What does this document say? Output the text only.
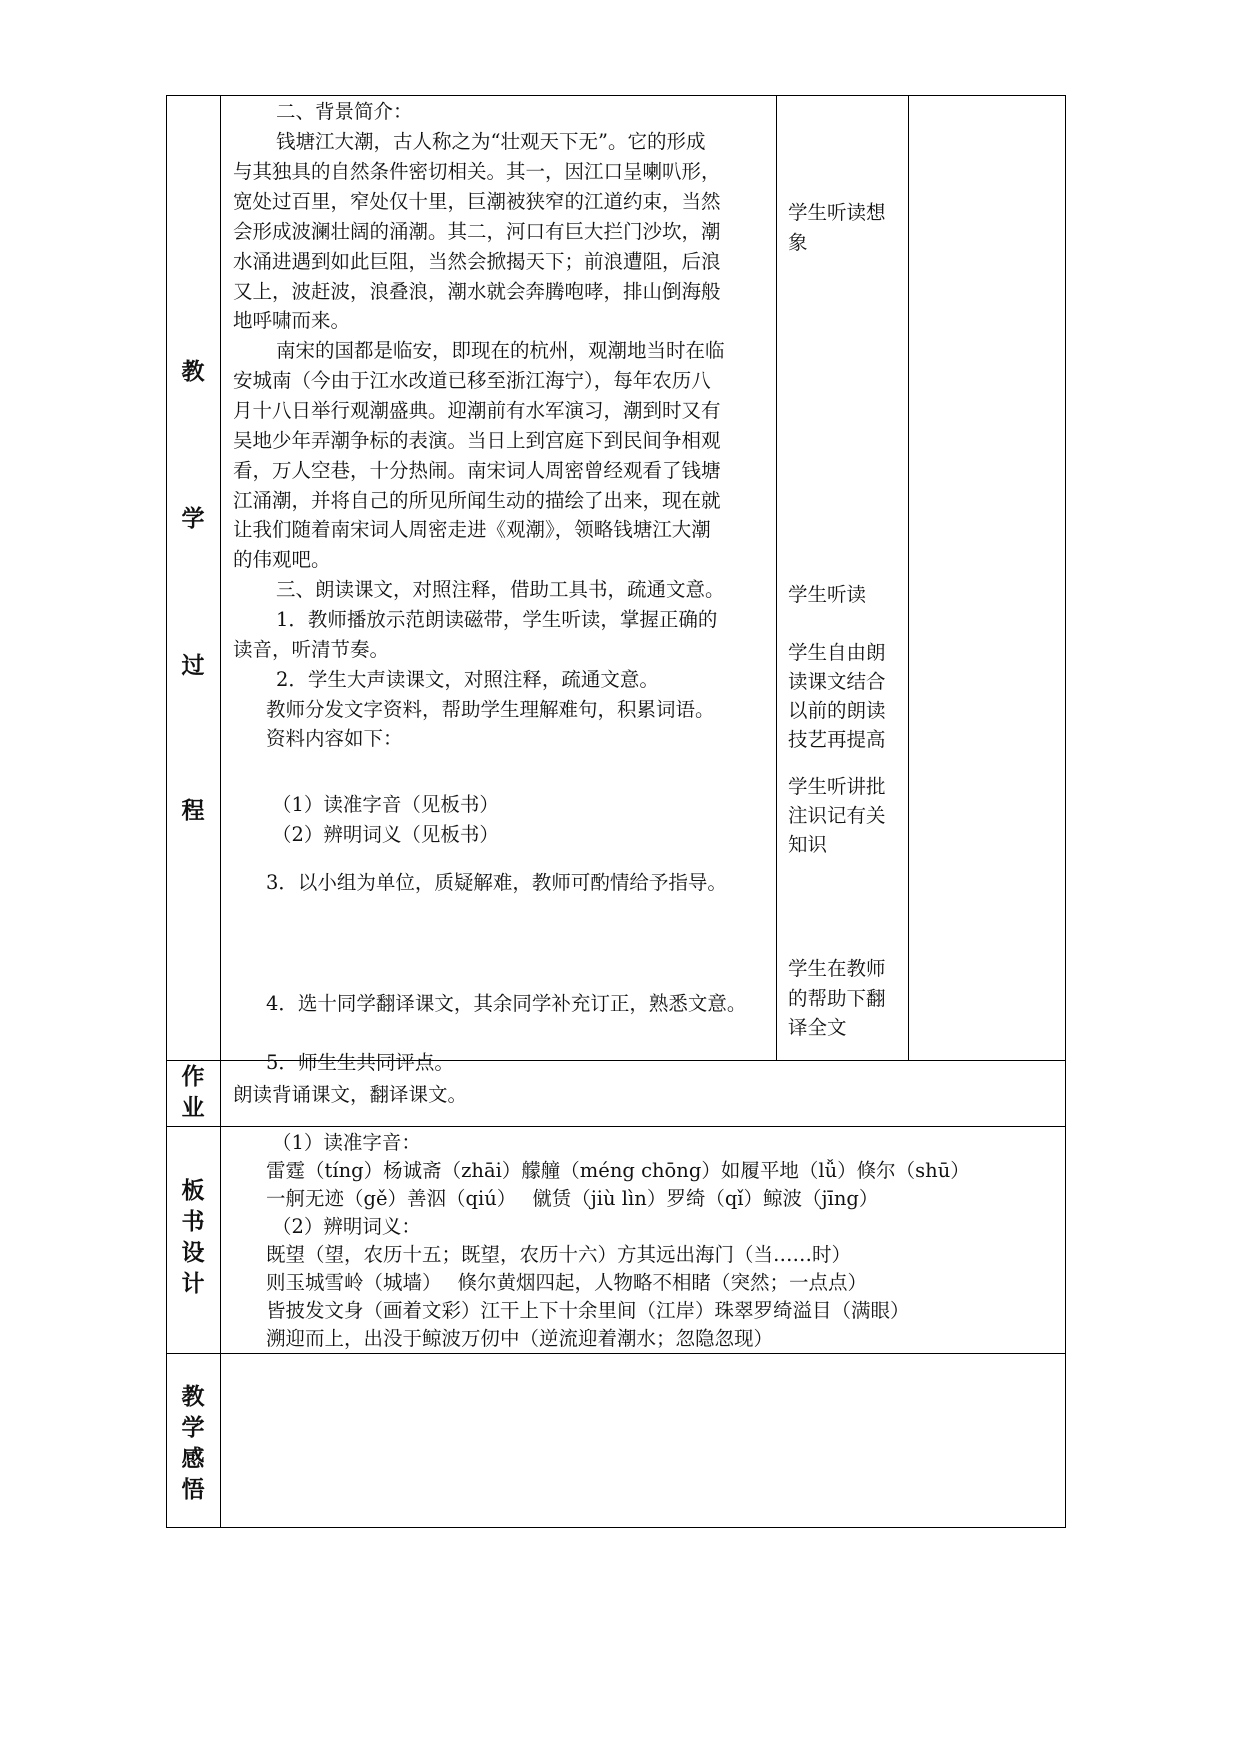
教
学
过
程
二、背景简介：
钱塘江大潮，古人称之为“壮观天下无”。它的形成
与其独具的自然条件密切相关。其一，因江口呈喇叭形，
宽处过百里，窄处仅十里，巨潮被狭窄的江道约束，当然
会形成波澜壮阔的涌潮。其二，河口有巨大拦门沙坎，潮
水涌进遇到如此巨阻，当然会掀揭天下；前浪遭阻，后浪
又上，波赶波，浪叠浪，潮水就会奔腾咆哮，排山倒海般
地呼啸而来。
南宋的国都是临安，即现在的杭州，观潮地当时在临
安城南（今由于江水改道已移至浙江海宁），每年农历八
月十八日举行观潮盛典。迎潮前有水军演习，潮到时又有
吴地少年弄潮争标的表演。当日上到宫庭下到民间争相观
看，万人空巷，十分热闹。南宋词人周密曾经观看了钱塘
江涌潮，并将自己的所见所闻生动的描绘了出来，现在就
让我们随着南宋词人周密走进《观潮》，领略钱塘江大潮
的伟观吧。
三、朗读课文，对照注释，借助工具书，疏通文意。
1．教师播放示范朗读磁带，学生听读，掌握正确的
读音，听清节奏。
2．学生大声读课文，对照注释，疏通文意。
教师分发文字资料，帮助学生理解难句，积累词语。
资料内容如下：
（1）读准字音（见板书）
（2）辨明词义（见板书）
3．以小组为单位，质疑解难，教师可酌情给予指导。
4．选十同学翻译课文，其余同学补充订正，熟悉文意。
5．师生生共同评点。
学生听读想
象
学生听读
学生自由朗
读课文结合
以前的朗读
技艺再提高
学生听讲批
注识记有关
知识
学生在教师
的帮助下翻
译全文
作
业
朗读背诵课文，翻译课文。
板
书
设
计
（1）读准字音：
雷霆（tíng）杨诚斋（zhāi）艨艟（méng chōng）如履平地（lǚ）倏尔（shū）
一舸无迹（gě）善泅（qiú）　 僦赁（jiù lìn）罗绮（qǐ）鲸波（jīng）
（2）辨明词义：
既望（望，农历十五；既望，农历十六）方其远出海门（当……时）
则玉城雪岭（城墙）　 倏尔黄烟四起，人物略不相睹（突然；一点点）
皆披发文身（画着文彩）江干上下十余里间（江岸）珠翠罗绮溢目（满眼）
溯迎而上，出没于鲸波万仞中（逆流迎着潮水；忽隐忽现）
教
学
感
悟
